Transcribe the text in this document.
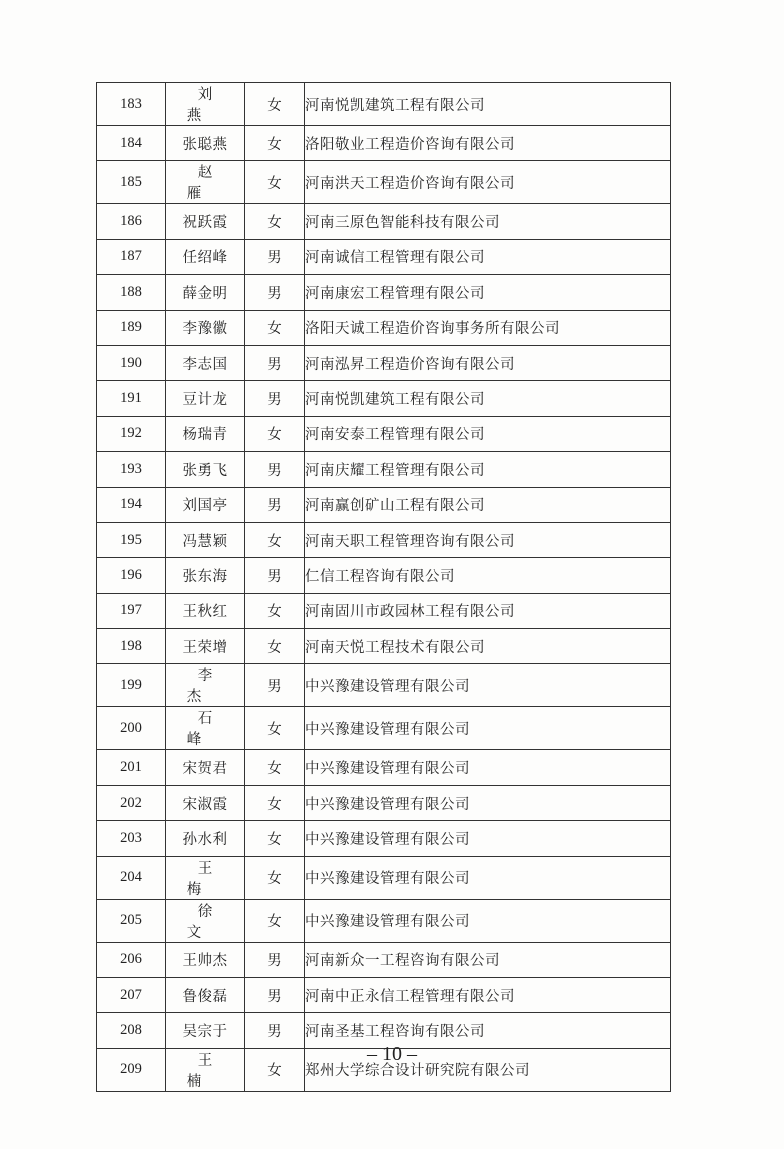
183	刘 燕	女	河南悦凯建筑工程有限公司
184	张聪燕	女	洛阳敬业工程造价咨询有限公司
185	赵 雁	女	河南洪天工程造价咨询有限公司
186	祝跃霞	女	河南三原色智能科技有限公司
187	任绍峰	男	河南诚信工程管理有限公司
188	薛金明	男	河南康宏工程管理有限公司
189	李豫徽	女	洛阳天诚工程造价咨询事务所有限公司
190	李志国	男	河南泓昇工程造价咨询有限公司
191	豆计龙	男	河南悦凯建筑工程有限公司
192	杨瑞青	女	河南安泰工程管理有限公司
193	张勇飞	男	河南庆耀工程管理有限公司
194	刘国亭	男	河南赢创矿山工程有限公司
195	冯慧颖	女	河南天职工程管理咨询有限公司
196	张东海	男	仁信工程咨询有限公司
197	王秋红	女	河南固川市政园林工程有限公司
198	王荣增	女	河南天悦工程技术有限公司
199	李 杰	男	中兴豫建设管理有限公司
200	石 峰	女	中兴豫建设管理有限公司
201	宋贺君	女	中兴豫建设管理有限公司
202	宋淑霞	女	中兴豫建设管理有限公司
203	孙水利	女	中兴豫建设管理有限公司
204	王 梅	女	中兴豫建设管理有限公司
205	徐 文	女	中兴豫建设管理有限公司
206	王帅杰	男	河南新众一工程咨询有限公司
207	鲁俊磊	男	河南中正永信工程管理有限公司
208	吴宗于	男	河南圣基工程咨询有限公司
209	王 楠	女	郑州大学综合设计研究院有限公司
– 10 –
